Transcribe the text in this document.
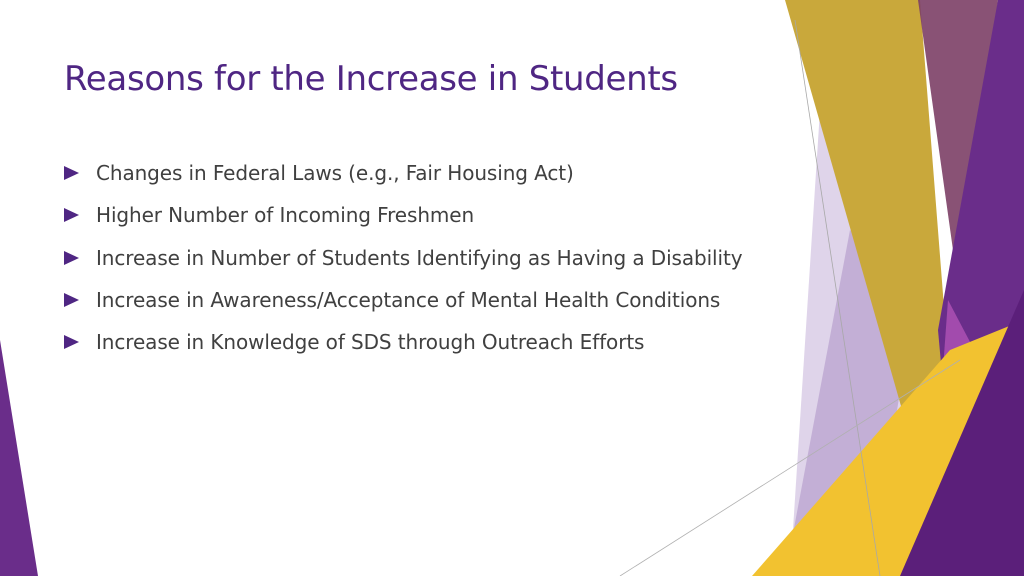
Reasons for the Increase in Students
Changes in Federal Laws (e.g., Fair Housing Act)
Higher Number of Incoming Freshmen
Increase in Number of Students Identifying as Having a Disability
Increase in Awareness/Acceptance of Mental Health Conditions
Increase in Knowledge of SDS through Outreach Efforts
